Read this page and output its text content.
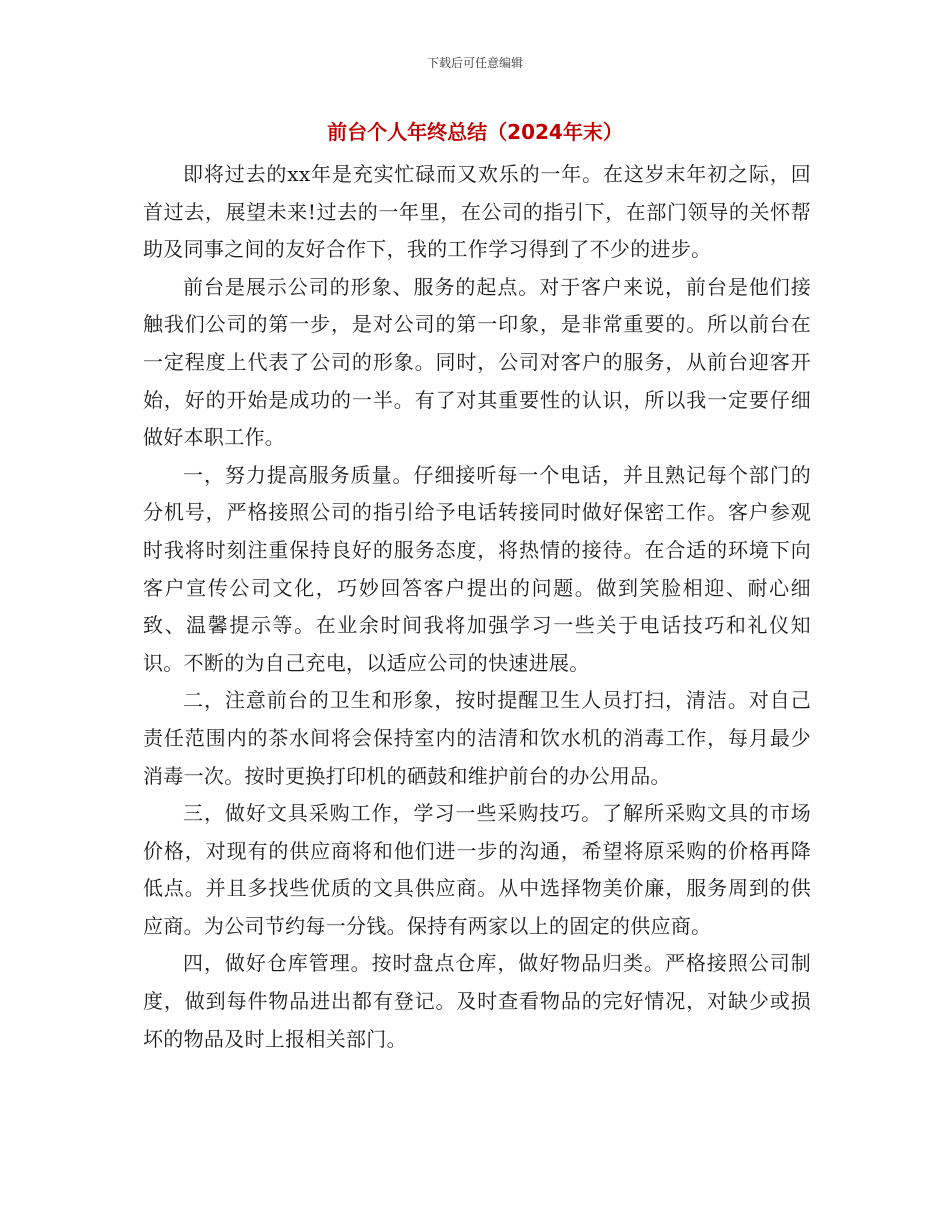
下载后可任意编辑
前台个人年终总结（2024年末）

即将过去的xx年是充实忙碌而又欢乐的一年。在这岁末年初之际，回首过去，展望未来!过去的一年里，在公司的指引下，在部门领导的关怀帮助及同事之间的友好合作下，我的工作学习得到了不少的进步。

前台是展示公司的形象、服务的起点。对于客户来说，前台是他们接触我们公司的第一步，是对公司的第一印象，是非常重要的。所以前台在一定程度上代表了公司的形象。同时，公司对客户的服务，从前台迎客开始，好的开始是成功的一半。有了对其重要性的认识，所以我一定要仔细做好本职工作。

一，努力提高服务质量。仔细接听每一个电话，并且熟记每个部门的分机号，严格接照公司的指引给予电话转接同时做好保密工作。客户参观时我将时刻注重保持良好的服务态度，将热情的接待。在合适的环境下向客户宣传公司文化，巧妙回答客户提出的问题。做到笑脸相迎、耐心细致、温馨提示等。在业余时间我将加强学习一些关于电话技巧和礼仪知识。不断的为自己充电，以适应公司的快速进展。

二，注意前台的卫生和形象，按时提醒卫生人员打扫，清洁。对自己责任范围内的茶水间将会保持室内的洁清和饮水机的消毒工作，每月最少消毒一次。按时更换打印机的硒鼓和维护前台的办公用品。

三，做好文具采购工作，学习一些采购技巧。了解所采购文具的市场价格，对现有的供应商将和他们进一步的沟通，希望将原采购的价格再降低点。并且多找些优质的文具供应商。从中选择物美价廉，服务周到的供应商。为公司节约每一分钱。保持有两家以上的固定的供应商。

四，做好仓库管理。按时盘点仓库，做好物品归类。严格接照公司制度，做到每件物品进出都有登记。及时查看物品的完好情况，对缺少或损坏的物品及时上报相关部门。
